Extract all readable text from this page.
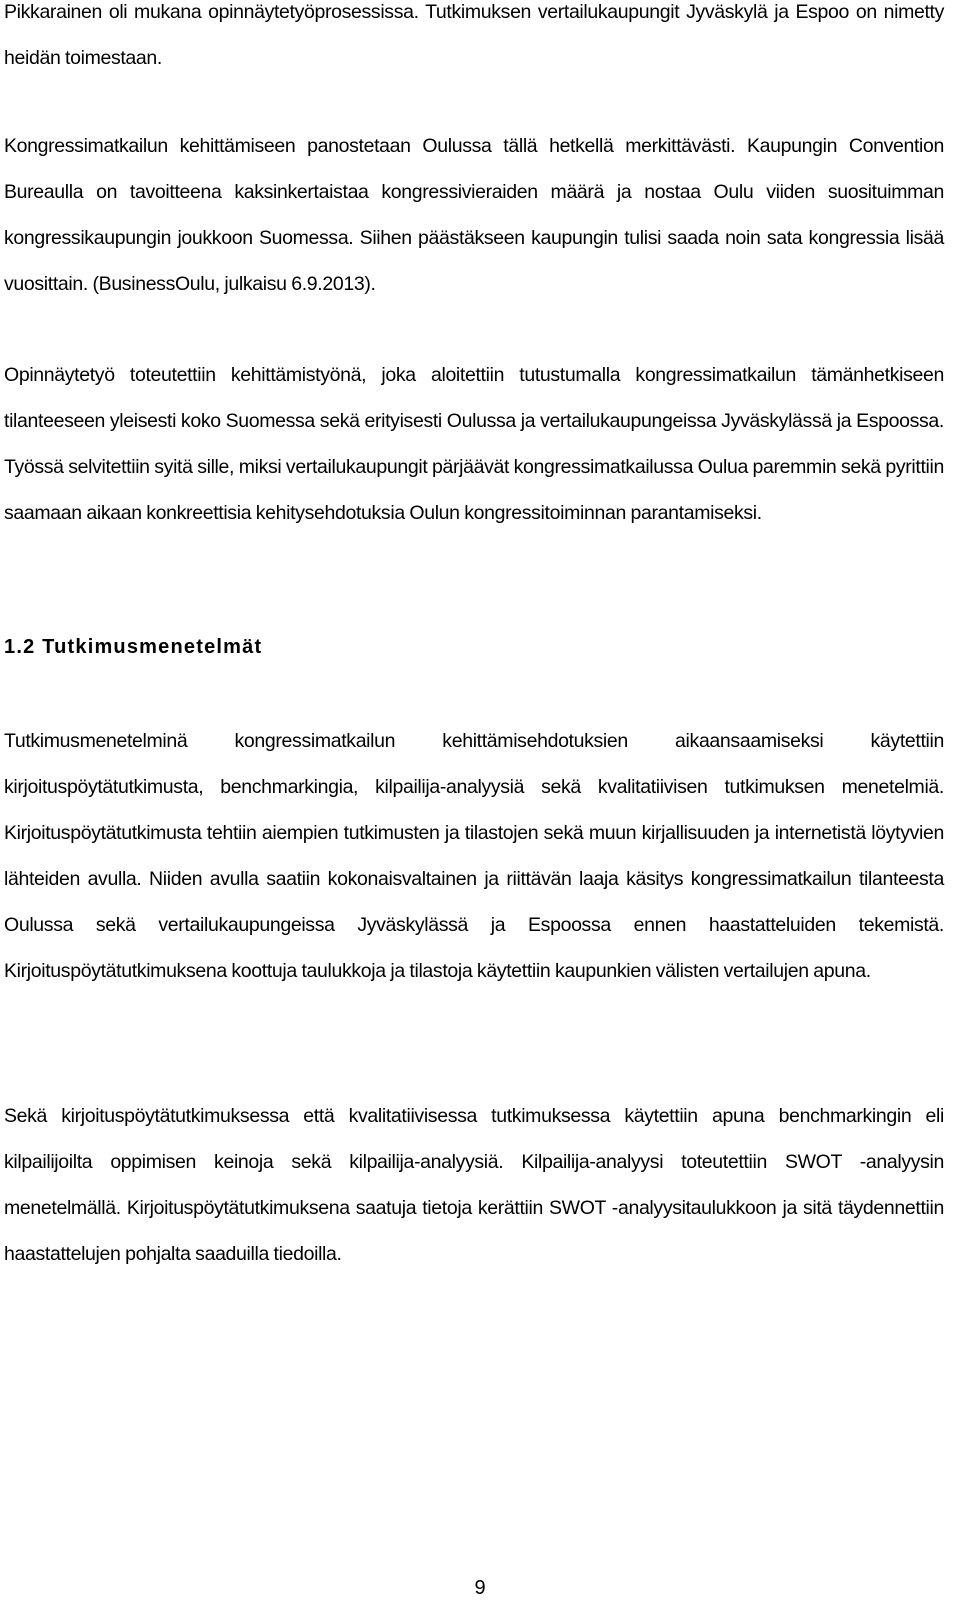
Pikkarainen oli mukana opinnäytetyöprosessissa. Tutkimuksen vertailukaupungit Jyväskylä ja Espoo on nimetty heidän toimestaan.

Kongressimatkailun kehittämiseen panostetaan Oulussa tällä hetkellä merkittävästi. Kaupungin Convention Bureaulla on tavoitteena kaksinkertaistaa kongressivieraiden määrä ja nostaa Oulu viiden suosituimman kongressikaupungin joukkoon Suomessa. Siihen päästäkseen kaupungin tulisi saada noin sata kongressia lisää vuosittain. (BusinessOulu, julkaisu 6.9.2013).

Opinnäytetyö toteutettiin kehittämistyönä, joka aloitettiin tutustumalla kongressimatkailun tämänhetkiseen tilanteeseen yleisesti koko Suomessa sekä erityisesti Oulussa ja vertailukaupungeissa Jyväskylässä ja Espoossa. Työssä selvitettiin syitä sille, miksi vertailukaupungit pärjäävät kongressimatkailussa Oulua paremmin sekä pyrittiin saamaan aikaan konkreettisia kehitysehdotuksia Oulun kongressitoiminnan parantamiseksi.

1.2 Tutkimusmenetelmät

Tutkimusmenetelminä kongressimatkailun kehittämisehdotuksien aikaansaamiseksi käytettiin kirjoituspöytätutkimusta, benchmarkingia, kilpailija-analyysiä sekä kvalitatiivisen tutkimuksen menetelmiä. Kirjoituspöytätutkimusta tehtiin aiempien tutkimusten ja tilastojen sekä muun kirjallisuuden ja internetistä löytyvien lähteiden avulla. Niiden avulla saatiin kokonaisvaltainen ja riittävän laaja käsitys kongressimatkailun tilanteesta Oulussa sekä vertailukaupungeissa Jyväskylässä ja Espoossa ennen haastatteluiden tekemistä. Kirjoituspöytätutkimuksena koottuja taulukkoja ja tilastoja käytettiin kaupunkien välisten vertailujen apuna.

Sekä kirjoituspöytätutkimuksessa että kvalitatiivisessa tutkimuksessa käytettiin apuna benchmarkingin eli kilpailijoilta oppimisen keinoja sekä kilpailija-analyysiä. Kilpailija-analyysi toteutettiin SWOT -analyysin menetelmällä. Kirjoituspöytätutkimuksena saatuja tietoja kerättiin SWOT -analyysitaulukkoon ja sitä täydennettiin haastattelujen pohjalta saaduilla tiedoilla.

9
